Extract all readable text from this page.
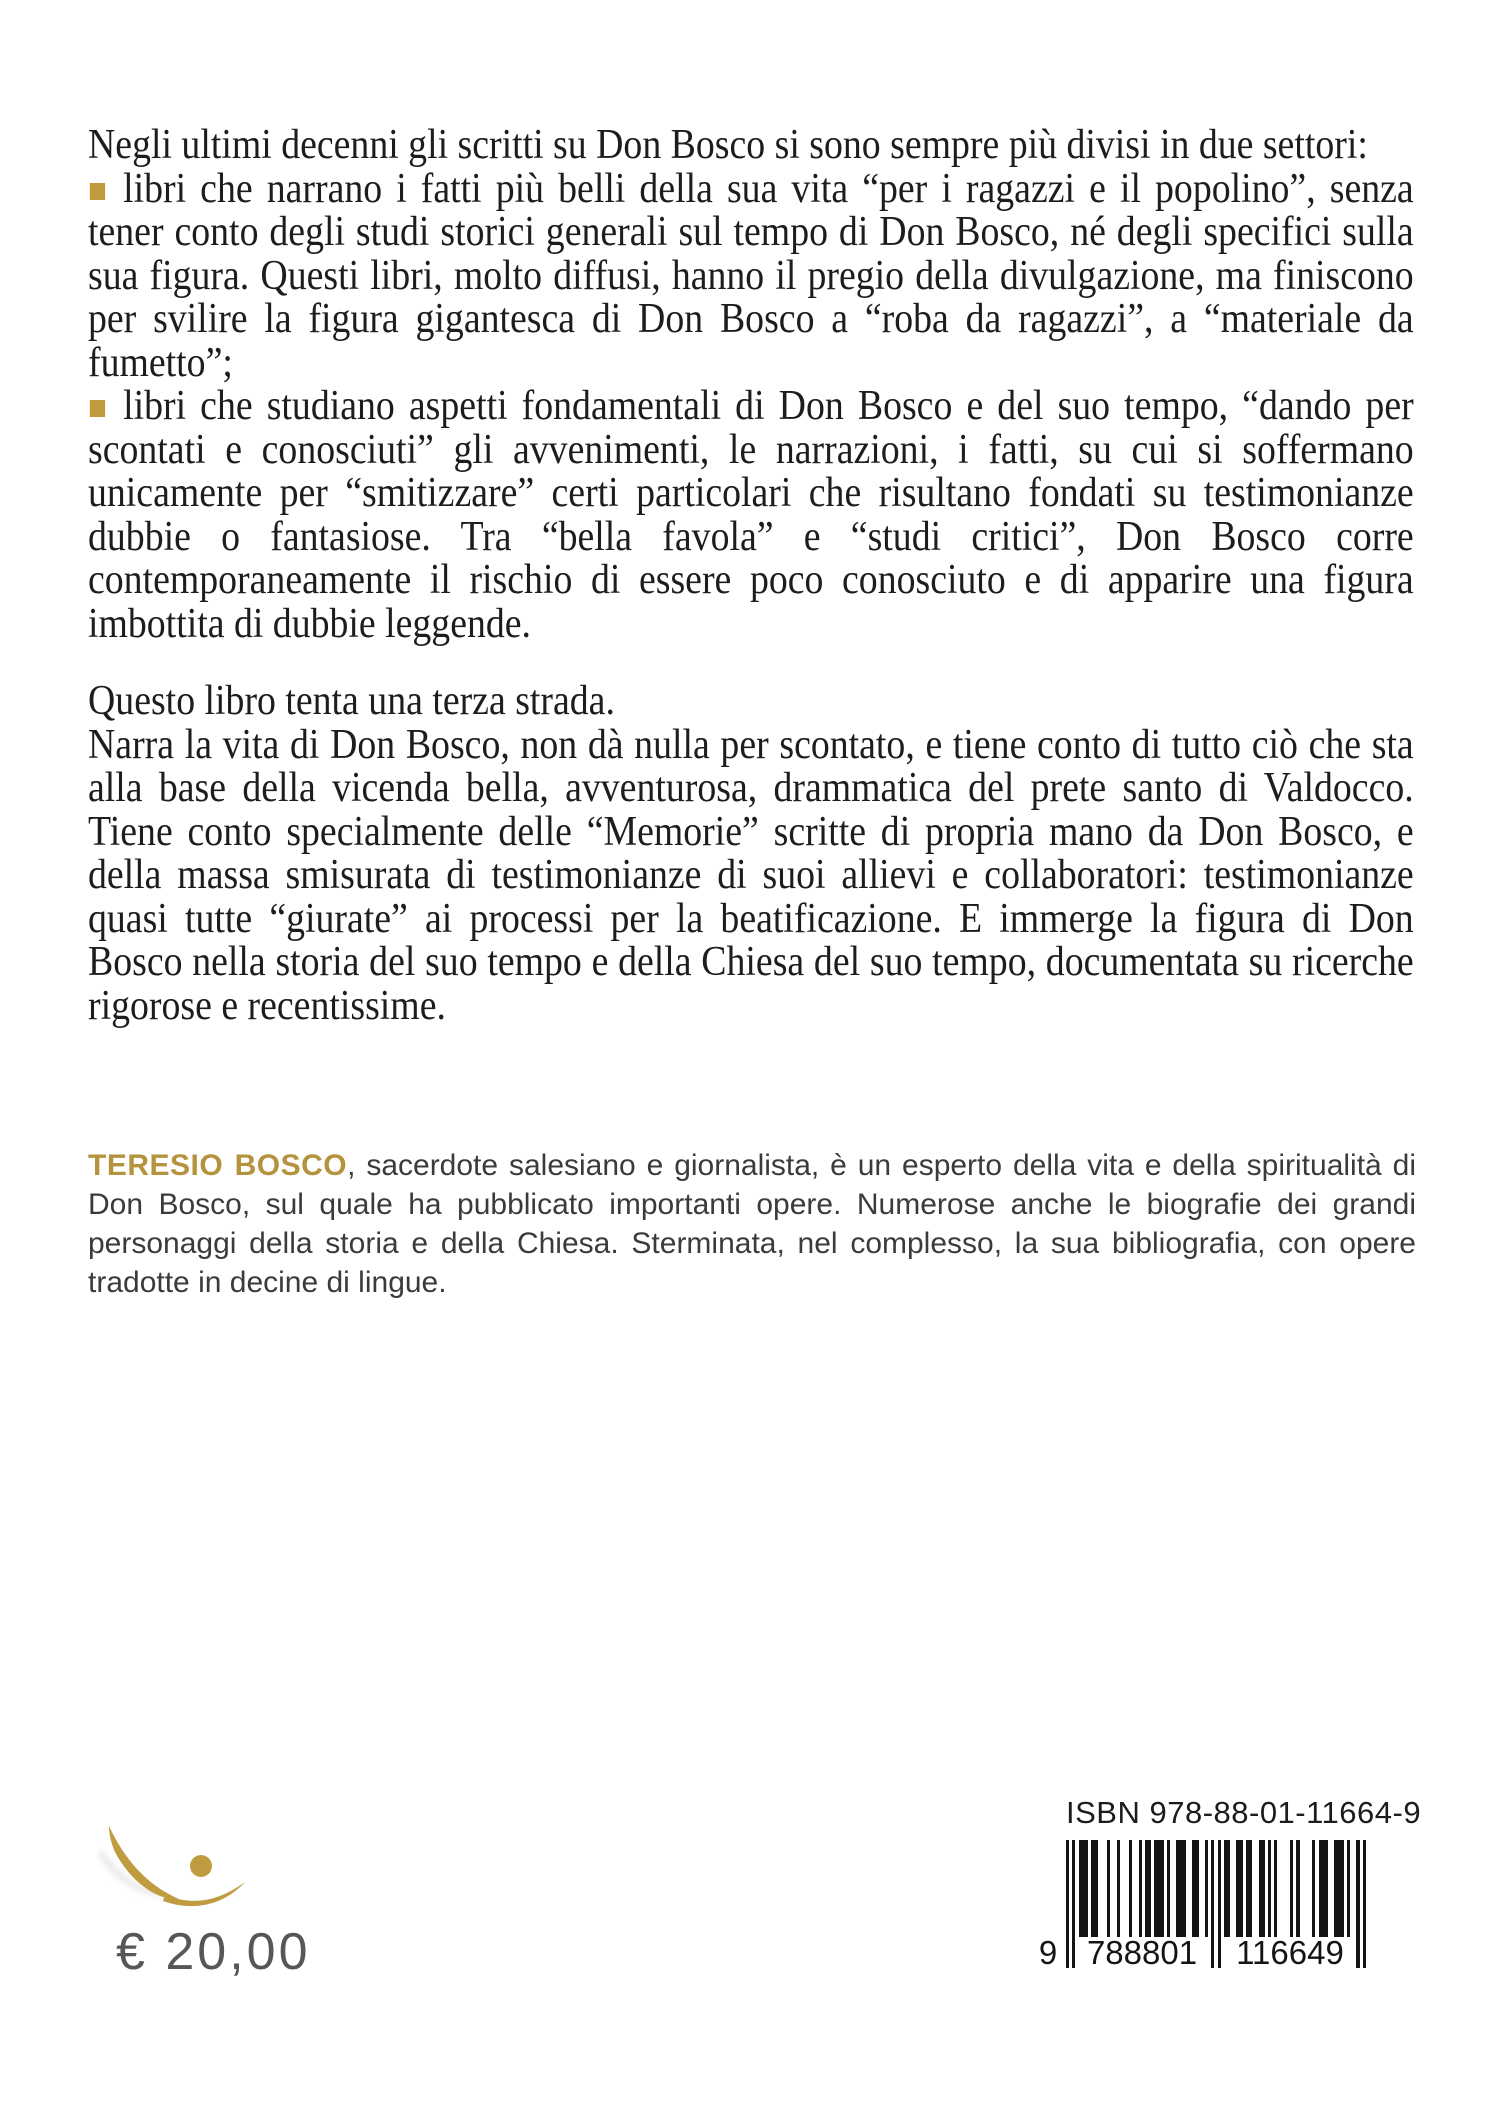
Negli ultimi decenni gli scritti su Don Bosco si sono sempre più divisi in due settori:

libri che narrano i fatti più belli della sua vita “per i ragazzi e il popolino”, senza tener conto degli studi storici generali sul tempo di Don Bosco, né degli specifici sulla sua figura. Questi libri, molto diffusi, hanno il pregio della divulgazione, ma finiscono per svilire la figura gigantesca di Don Bosco a “roba da ragazzi”, a “materiale da fumetto”;

libri che studiano aspetti fondamentali di Don Bosco e del suo tempo, “dando per scontati e conosciuti” gli avvenimenti, le narrazioni, i fatti, su cui si soffermano unicamente per “smitizzare” certi particolari che risultano fondati su testimonianze dubbie o fantasiose. Tra “bella favola” e “studi critici”, Don Bosco corre contemporaneamente il rischio di essere poco conosciuto e di apparire una figura imbottita di dubbie leggende.

Questo libro tenta una terza strada.

Narra la vita di Don Bosco, non dà nulla per scontato, e tiene conto di tutto ciò che sta alla base della vicenda bella, avventurosa, drammatica del prete santo di Valdocco. Tiene conto specialmente delle “Memorie” scritte di propria mano da Don Bosco, e della massa smisurata di testimonianze di suoi allievi e collaboratori: testimonianze quasi tutte “giurate” ai processi per la beatificazione. E immerge la figura di Don Bosco nella storia del suo tempo e della Chiesa del suo tempo, documentata su ricerche rigorose e recentissime.

TERESIO BOSCO, sacerdote salesiano e giornalista, è un esperto della vita e della spiritualità di Don Bosco, sul quale ha pubblicato importanti opere. Numerose anche le biografie dei grandi personaggi della storia e della Chiesa. Sterminata, nel complesso, la sua bibliografia, con opere tradotte in decine di lingue.
€ 20,00
ISBN 978-88-01-11664-9
9 788801 116649
